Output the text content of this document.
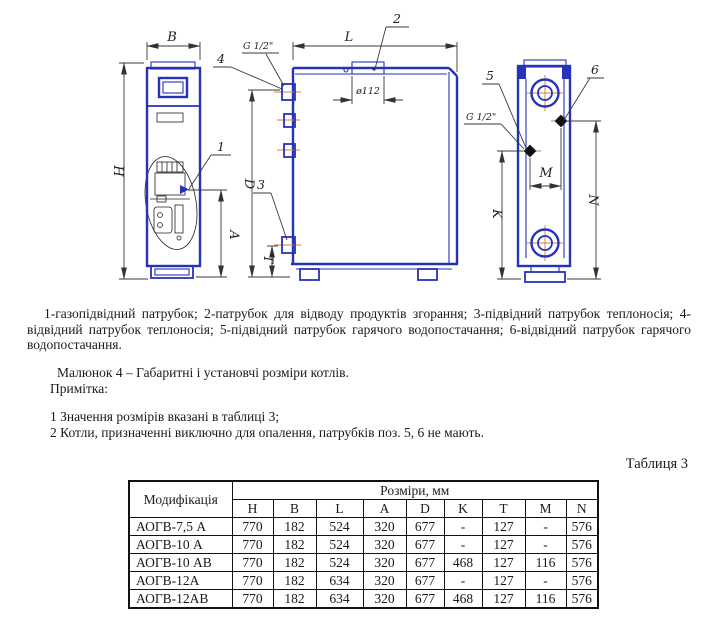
B
H
A
1
L
ø112
2
4
G 1/2"
3
D
T
5	6
G 1/2"
M
K
N

1-газопідвідний патрубок; 2-патрубок для відводу продуктів згорання; 3-підвідний патрубок теплоносія; 4-відвідний патрубок теплоносія; 5-підвідний патрубок гарячого водопостачання; 6-відвідний патрубок гарячого водопостачання.

Малюнок 4 – Габаритні і установчі розміри котлів.

Примітка:

1 Значення розмірів вказані в таблиці 3;

2 Котли, призначенні виключно для опалення, патрубків поз. 5, 6 не мають.

Таблиця 3

Модифікація	Розміри, мм								
	H	B	L	A	D	K	T	M	N
АОГВ-7,5 А	770	182	524	320	677	-	127	-	576
АОГВ-10 А	770	182	524	320	677	-	127	-	576
АОГВ-10 АВ	770	182	524	320	677	468	127	116	576
АОГВ-12А	770	182	634	320	677	-	127	-	576
АОГВ-12АВ	770	182	634	320	677	468	127	116	576
